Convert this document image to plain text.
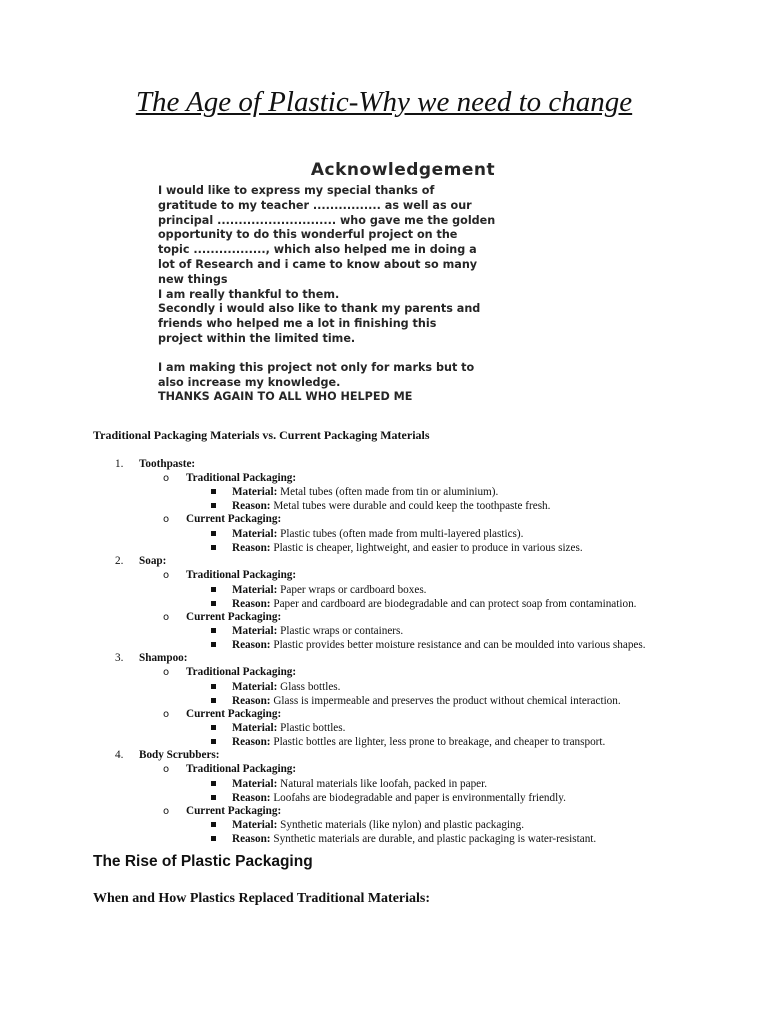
The Age of Plastic-Why we need to change
Acknowledgement

I would like to express my special thanks of

gratitude to my teacher ................ as well as our

principal ............................ who gave me the golden

opportunity to do this wonderful project on the

topic ................., which also helped me in doing a

lot of Research and i came to know about so many

new things

I am really thankful to them.

Secondly i would also like to thank my parents and

friends who helped me a lot in finishing this

project within the limited time.

I am making this project not only for marks but to

also increase my knowledge.

THANKS AGAIN TO ALL WHO HELPED ME

Traditional Packaging Materials vs. Current Packaging Materials

1. Toothpaste:
o Traditional Packaging:
Material: Metal tubes (often made from tin or aluminium).
Reason: Metal tubes were durable and could keep the toothpaste fresh.
o Current Packaging:
Material: Plastic tubes (often made from multi-layered plastics).
Reason: Plastic is cheaper, lightweight, and easier to produce in various sizes.
2. Soap:
o Traditional Packaging:
Material: Paper wraps or cardboard boxes.
Reason: Paper and cardboard are biodegradable and can protect soap from contamination.
o Current Packaging:
Material: Plastic wraps or containers.
Reason: Plastic provides better moisture resistance and can be moulded into various shapes.
3. Shampoo:
o Traditional Packaging:
Material: Glass bottles.
Reason: Glass is impermeable and preserves the product without chemical interaction.
o Current Packaging:
Material: Plastic bottles.
Reason: Plastic bottles are lighter, less prone to breakage, and cheaper to transport.
4. Body Scrubbers:
o Traditional Packaging:
Material: Natural materials like loofah, packed in paper.
Reason: Loofahs are biodegradable and paper is environmentally friendly.
o Current Packaging:
Material: Synthetic materials (like nylon) and plastic packaging.
Reason: Synthetic materials are durable, and plastic packaging is water-resistant.
The Rise of Plastic Packaging
When and How Plastics Replaced Traditional Materials:
